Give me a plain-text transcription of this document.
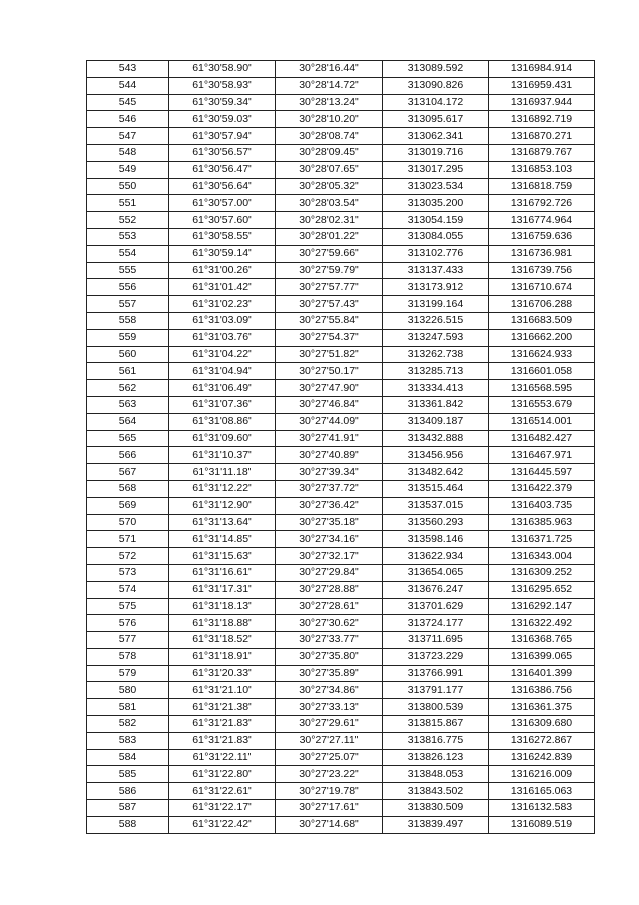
543	61°30'58.90"	30°28'16.44"	313089.592	1316984.914
544	61°30'58.93"	30°28'14.72"	313090.826	1316959.431
545	61°30'59.34"	30°28'13.24"	313104.172	1316937.944
546	61°30'59.03"	30°28'10.20"	313095.617	1316892.719
547	61°30'57.94"	30°28'08.74"	313062.341	1316870.271
548	61°30'56.57"	30°28'09.45"	313019.716	1316879.767
549	61°30'56.47"	30°28'07.65"	313017.295	1316853.103
550	61°30'56.64"	30°28'05.32"	313023.534	1316818.759
551	61°30'57.00"	30°28'03.54"	313035.200	1316792.726
552	61°30'57.60"	30°28'02.31"	313054.159	1316774.964
553	61°30'58.55"	30°28'01.22"	313084.055	1316759.636
554	61°30'59.14"	30°27'59.66"	313102.776	1316736.981
555	61°31'00.26"	30°27'59.79"	313137.433	1316739.756
556	61°31'01.42"	30°27'57.77"	313173.912	1316710.674
557	61°31'02.23"	30°27'57.43"	313199.164	1316706.288
558	61°31'03.09"	30°27'55.84"	313226.515	1316683.509
559	61°31'03.76"	30°27'54.37"	313247.593	1316662.200
560	61°31'04.22"	30°27'51.82"	313262.738	1316624.933
561	61°31'04.94"	30°27'50.17"	313285.713	1316601.058
562	61°31'06.49"	30°27'47.90"	313334.413	1316568.595
563	61°31'07.36"	30°27'46.84"	313361.842	1316553.679
564	61°31'08.86"	30°27'44.09"	313409.187	1316514.001
565	61°31'09.60"	30°27'41.91"	313432.888	1316482.427
566	61°31'10.37"	30°27'40.89"	313456.956	1316467.971
567	61°31'11.18"	30°27'39.34"	313482.642	1316445.597
568	61°31'12.22"	30°27'37.72"	313515.464	1316422.379
569	61°31'12.90"	30°27'36.42"	313537.015	1316403.735
570	61°31'13.64"	30°27'35.18"	313560.293	1316385.963
571	61°31'14.85"	30°27'34.16"	313598.146	1316371.725
572	61°31'15.63"	30°27'32.17"	313622.934	1316343.004
573	61°31'16.61"	30°27'29.84"	313654.065	1316309.252
574	61°31'17.31"	30°27'28.88"	313676.247	1316295.652
575	61°31'18.13"	30°27'28.61"	313701.629	1316292.147
576	61°31'18.88"	30°27'30.62"	313724.177	1316322.492
577	61°31'18.52"	30°27'33.77"	313711.695	1316368.765
578	61°31'18.91"	30°27'35.80"	313723.229	1316399.065
579	61°31'20.33"	30°27'35.89"	313766.991	1316401.399
580	61°31'21.10"	30°27'34.86"	313791.177	1316386.756
581	61°31'21.38"	30°27'33.13"	313800.539	1316361.375
582	61°31'21.83"	30°27'29.61"	313815.867	1316309.680
583	61°31'21.83"	30°27'27.11"	313816.775	1316272.867
584	61°31'22.11"	30°27'25.07"	313826.123	1316242.839
585	61°31'22.80"	30°27'23.22"	313848.053	1316216.009
586	61°31'22.61"	30°27'19.78"	313843.502	1316165.063
587	61°31'22.17"	30°27'17.61"	313830.509	1316132.583
588	61°31'22.42"	30°27'14.68"	313839.497	1316089.519
